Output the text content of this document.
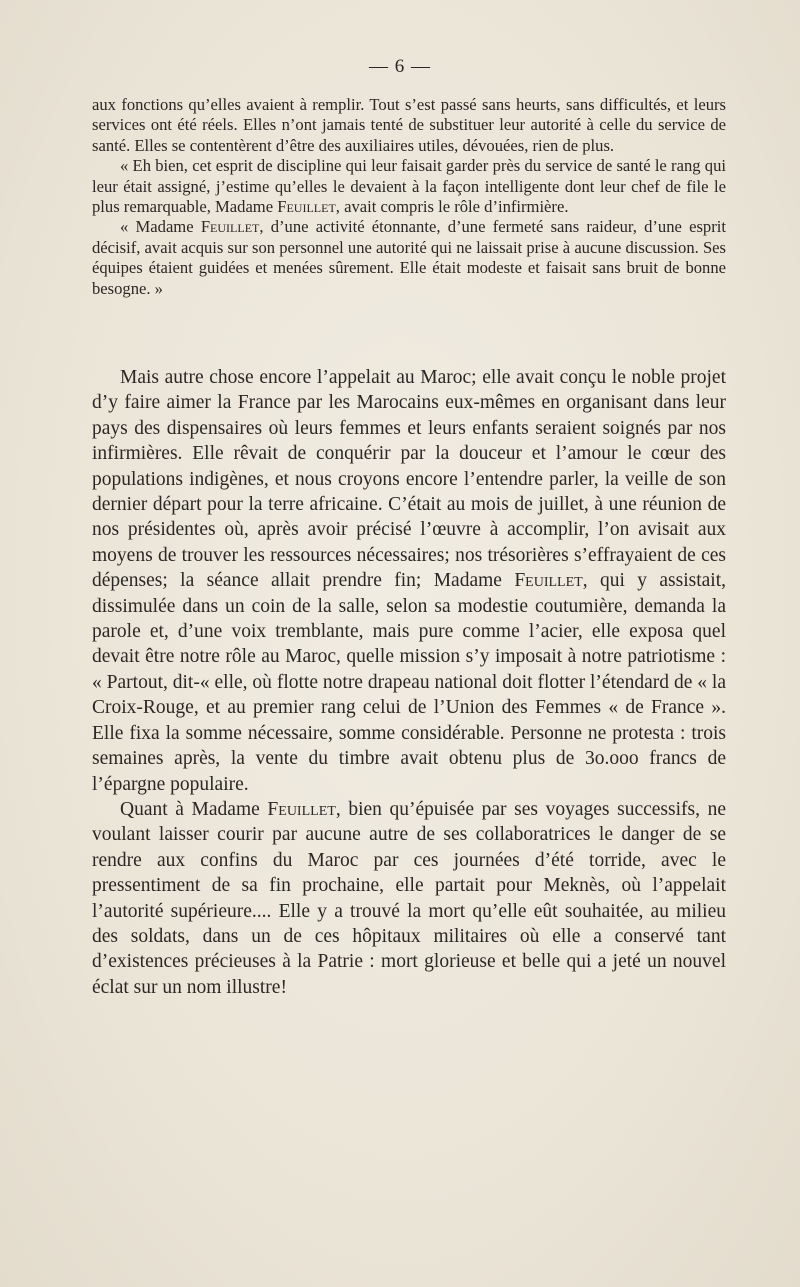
— 6 —

aux fonctions qu’elles avaient à remplir. Tout s’est passé sans heurts, sans difficultés, et leurs services ont été réels. Elles n’ont jamais tenté de substituer leur autorité à celle du service de santé. Elles se contentèrent d’être des auxiliaires utiles, dévouées, rien de plus.

« Eh bien, cet esprit de discipline qui leur faisait garder près du service de santé le rang qui leur était assigné, j’estime qu’elles le devaient à la façon intelligente dont leur chef de file le plus remarquable, Madame Feuillet, avait compris le rôle d’infirmière.

« Madame Feuillet, d’une activité étonnante, d’une fermeté sans raideur, d’une esprit décisif, avait acquis sur son personnel une autorité qui ne laissait prise à aucune discussion. Ses équipes étaient guidées et menées sûrement. Elle était modeste et faisait sans bruit de bonne besogne. »

Mais autre chose encore l’appelait au Maroc; elle avait conçu le noble projet d’y faire aimer la France par les Marocains eux-mêmes en organisant dans leur pays des dispensaires où leurs femmes et leurs enfants seraient soignés par nos infirmières. Elle rêvait de conquérir par la douceur et l’amour le cœur des populations indigènes, et nous croyons encore l’entendre parler, la veille de son dernier départ pour la terre africaine. C’était au mois de juillet, à une réunion de nos présidentes où, après avoir précisé l’œuvre à accomplir, l’on avisait aux moyens de trouver les ressources nécessaires; nos trésorières s’effrayaient de ces dépenses; la séance allait prendre fin; Madame Feuillet, qui y assistait, dissimulée dans un coin de la salle, selon sa modestie coutumière, demanda la parole et, d’une voix tremblante, mais pure comme l’acier, elle exposa quel devait être notre rôle au Maroc, quelle mission s’y imposait à notre patriotisme : « Partout, dit-« elle, où flotte notre drapeau national doit flotter l’étendard de « la Croix-Rouge, et au premier rang celui de l’Union des Femmes « de France ». Elle fixa la somme nécessaire, somme considérable. Personne ne protesta : trois semaines après, la vente du timbre avait obtenu plus de 3o.ooo francs de l’épargne populaire.

Quant à Madame Feuillet, bien qu’épuisée par ses voyages successifs, ne voulant laisser courir par aucune autre de ses collaboratrices le danger de se rendre aux confins du Maroc par ces journées d’été torride, avec le pressentiment de sa fin prochaine, elle partait pour Meknès, où l’appelait l’autorité supérieure.... Elle y a trouvé la mort qu’elle eût souhaitée, au milieu des soldats, dans un de ces hôpitaux militaires où elle a conservé tant d’existences précieuses à la Patrie : mort glorieuse et belle qui a jeté un nouvel éclat sur un nom illustre!
